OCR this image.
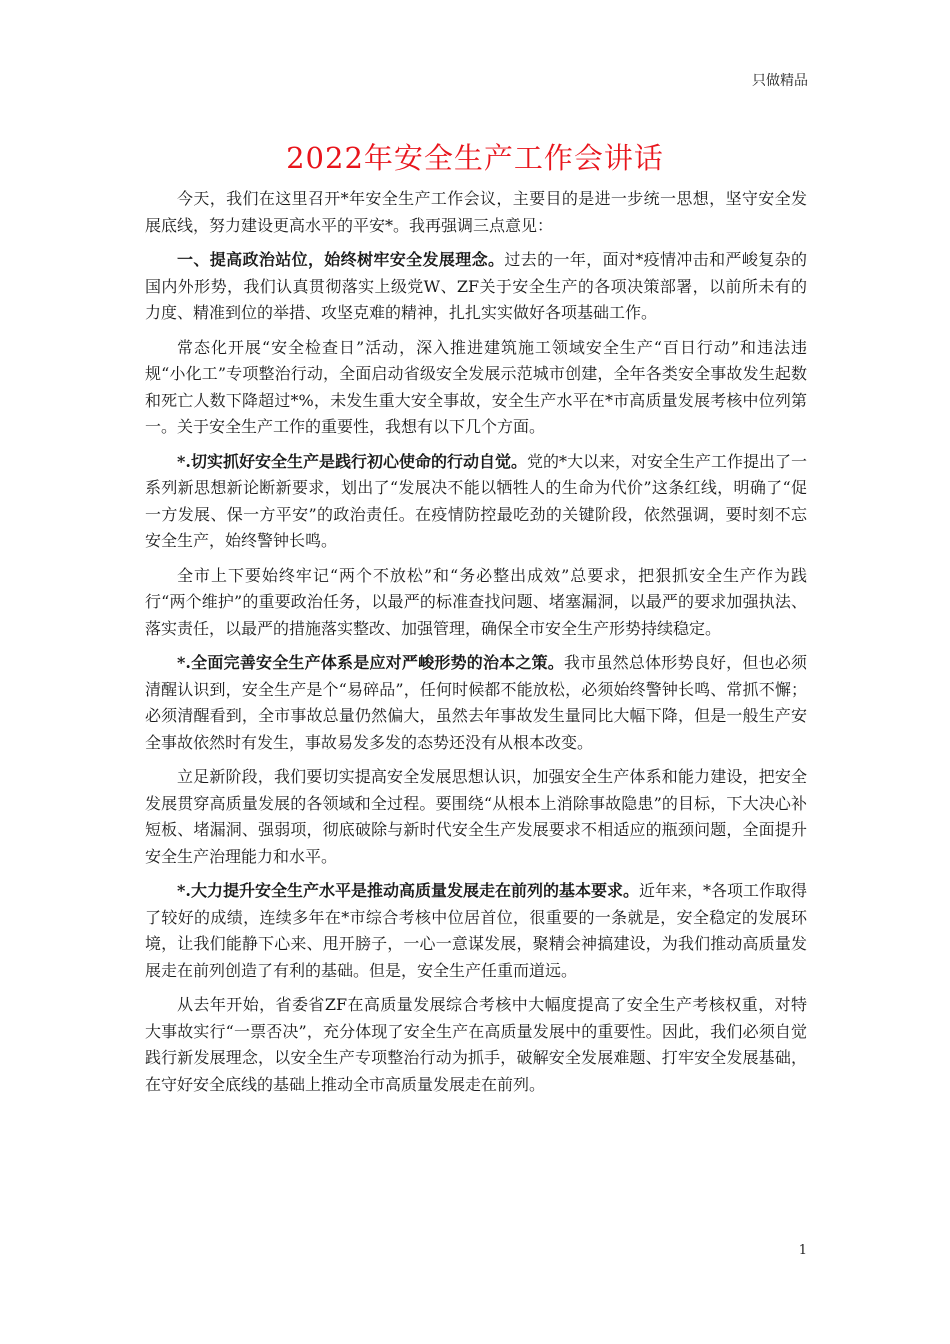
只做精品
2022年安全生产工作会讲话

今天，我们在这里召开*年安全生产工作会议，主要目的是进一步统一思想，坚守安全发展底线，努力建设更高水平的平安*。我再强调三点意见：

一、提高政治站位，始终树牢安全发展理念。过去的一年，面对*疫情冲击和严峻复杂的国内外形势，我们认真贯彻落实上级党W、ZF关于安全生产的各项决策部署，以前所未有的力度、精准到位的举措、攻坚克难的精神，扎扎实实做好各项基础工作。

常态化开展“安全检查日”活动，深入推进建筑施工领域安全生产“百日行动”和违法违规“小化工”专项整治行动，全面启动省级安全发展示范城市创建，全年各类安全事故发生起数和死亡人数下降超过*%，未发生重大安全事故，安全生产水平在*市高质量发展考核中位列第一。关于安全生产工作的重要性，我想有以下几个方面。

*.切实抓好安全生产是践行初心使命的行动自觉。党的*大以来，对安全生产工作提出了一系列新思想新论断新要求，划出了“发展决不能以牺牲人的生命为代价”这条红线，明确了“促一方发展、保一方平安”的政治责任。在疫情防控最吃劲的关键阶段，依然强调，要时刻不忘安全生产，始终警钟长鸣。

全市上下要始终牢记“两个不放松”和“务必整出成效”总要求，把狠抓安全生产作为践行“两个维护”的重要政治任务，以最严的标准查找问题、堵塞漏洞，以最严的要求加强执法、落实责任，以最严的措施落实整改、加强管理，确保全市安全生产形势持续稳定。

*.全面完善安全生产体系是应对严峻形势的治本之策。我市虽然总体形势良好，但也必须清醒认识到，安全生产是个“易碎品”，任何时候都不能放松，必须始终警钟长鸣、常抓不懈；必须清醒看到，全市事故总量仍然偏大，虽然去年事故发生量同比大幅下降，但是一般生产安全事故依然时有发生，事故易发多发的态势还没有从根本改变。

立足新阶段，我们要切实提高安全发展思想认识，加强安全生产体系和能力建设，把安全发展贯穿高质量发展的各领域和全过程。要围绕“从根本上消除事故隐患”的目标，下大决心补短板、堵漏洞、强弱项，彻底破除与新时代安全生产发展要求不相适应的瓶颈问题，全面提升安全生产治理能力和水平。

*.大力提升安全生产水平是推动高质量发展走在前列的基本要求。近年来，*各项工作取得了较好的成绩，连续多年在*市综合考核中位居首位，很重要的一条就是，安全稳定的发展环境，让我们能静下心来、甩开膀子，一心一意谋发展，聚精会神搞建设，为我们推动高质量发展走在前列创造了有利的基础。但是，安全生产任重而道远。

从去年开始，省委省ZF在高质量发展综合考核中大幅度提高了安全生产考核权重，对特大事故实行“一票否决”，充分体现了安全生产在高质量发展中的重要性。因此，我们必须自觉践行新发展理念，以安全生产专项整治行动为抓手，破解安全发展难题、打牢安全发展基础，在守好安全底线的基础上推动全市高质量发展走在前列。

1
